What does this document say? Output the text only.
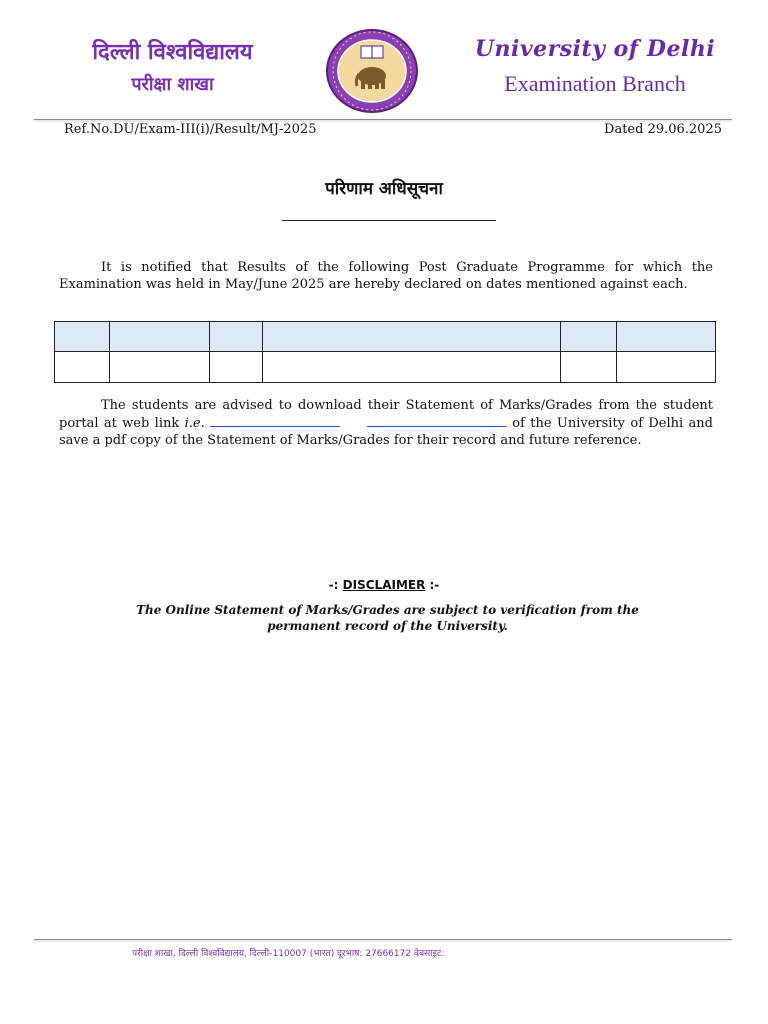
दिल्ली विश्वविद्यालय
परीक्षा शाखा
University of Delhi
Examination Branch
Ref.No.DU/Exam-III(i)/Result/MJ-2025	Dated 29.06.2025
परिणाम अधिसूचना
It is notified that Results of the following Post Graduate Programme for which the Examination was held in May/June 2025 are hereby declared on dates mentioned against each.

The students are advised to download their Statement of Marks/Grades from the student portal at web link i.e.	of the University of Delhi and save a pdf copy of the Statement of Marks/Grades for their record and future reference.
-: DISCLAIMER :-
The Online Statement of Marks/Grades are subject to verification from the permanent record of the University.
परीक्षा शाखा, दिल्ली विश्वविद्यालय, दिल्ली-110007 (भारत) दूरभाष: 27666172 वेबसाइट:
